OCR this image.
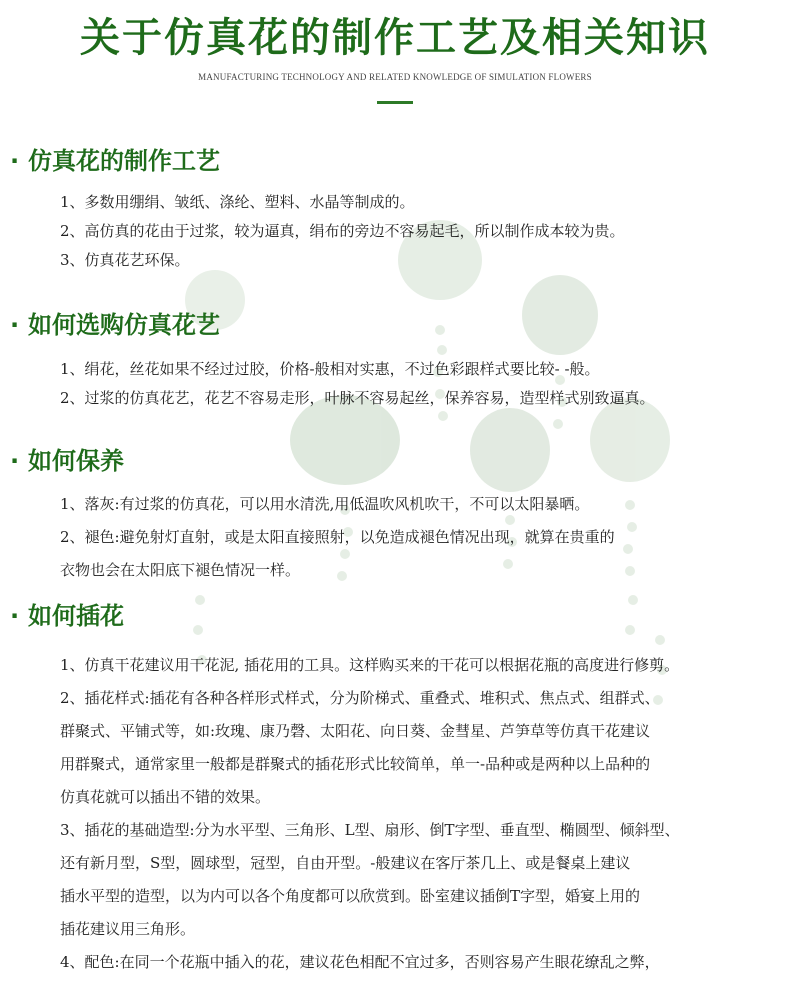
关于仿真花的制作工艺及相关知识

MANUFACTURING TECHNOLOGY AND RELATED KNOWLEDGE OF SIMULATION FLOWERS

· 仿真花的制作工艺

1、多数用绷绢、皱纸、涤纶、塑料、水晶等制成的。

2、高仿真的花由于过浆，较为逼真，绢布的旁边不容易起毛，所以制作成本较为贵。

3、仿真花艺环保。

· 如何选购仿真花艺

1、绢花，丝花如果不经过过胶，价格-般相对实惠，不过色彩跟样式要比较- -般。

2、过浆的仿真花艺，花艺不容易走形，叶脉不容易起丝，保养容易，造型样式别致逼真。

· 如何保养

1、落灰:有过浆的仿真花，可以用水清洗,用低温吹风机吹干，不可以太阳暴晒。

2、褪色:避免射灯直射，或是太阳直接照射，以免造成褪色情况出现，就算在贵重的

衣物也会在太阳底下褪色情况一样。

· 如何插花

1、仿真干花建议用干花泥, 插花用的工具。这样购买来的干花可以根据花瓶的高度进行修剪。

2、插花样式:插花有各种各样形式样式，分为阶梯式、重叠式、堆积式、焦点式、组群式、

群聚式、平铺式等，如:玫瑰、康乃磬、太阳花、向日葵、金彗星、芦笋草等仿真干花建议

用群聚式，通常家里一般都是群聚式的插花形式比较简单，单一-品种或是两种以上品种的

仿真花就可以插出不错的效果。

3、插花的基础造型:分为水平型、三角形、L型、扇形、倒T字型、垂直型、椭圆型、倾斜型、

还有新月型，S型，圆球型，冠型，自由开型。-般建议在客厅茶几上、或是餐桌上建议

插水平型的造型，以为内可以各个角度都可以欣赏到。卧室建议插倒T字型，婚宴上用的

插花建议用三角形。

4、配色:在同一个花瓶中插入的花，建议花色相配不宜过多，否则容易产生眼花缭乱之弊，
